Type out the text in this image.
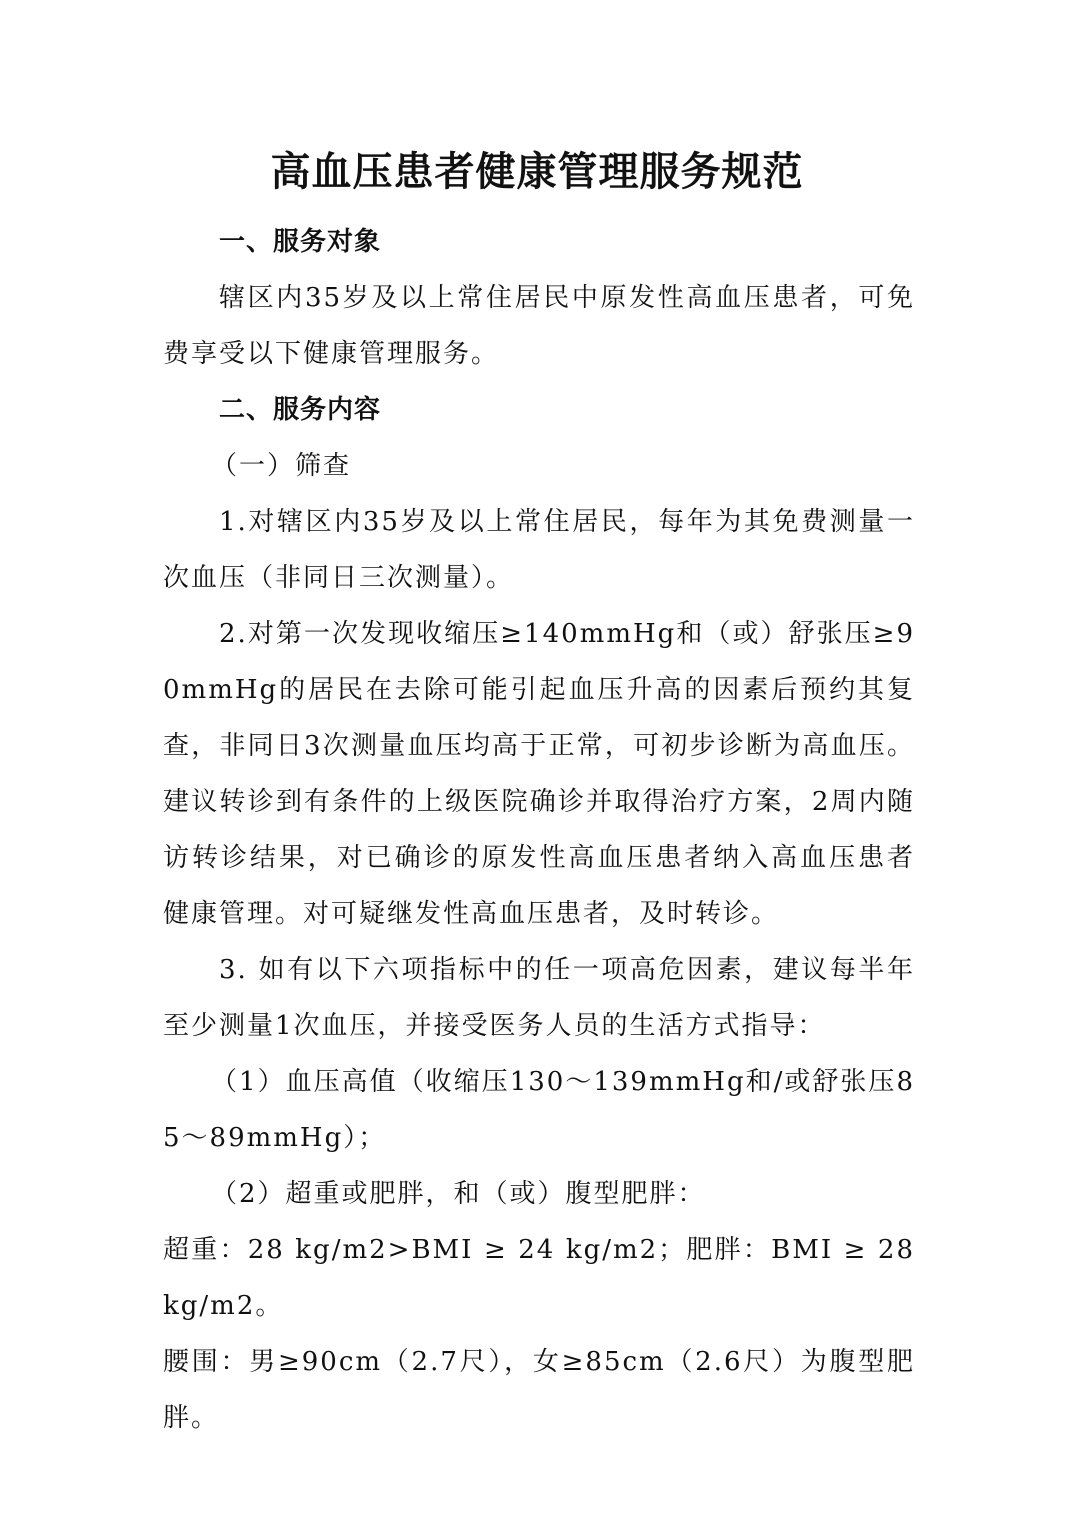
高血压患者健康管理服务规范

一、服务对象

辖区内35岁及以上常住居民中原发性高血压患者，可免费享受以下健康管理服务。

二、服务内容

（一）筛查

1.对辖区内35岁及以上常住居民，每年为其免费测量一次血压（非同日三次测量）。

2.对第一次发现收缩压≥140mmHg和（或）舒张压≥90mmHg的居民在去除可能引起血压升高的因素后预约其复查，非同日3次测量血压均高于正常，可初步诊断为高血压。建议转诊到有条件的上级医院确诊并取得治疗方案，2周内随访转诊结果，对已确诊的原发性高血压患者纳入高血压患者健康管理。对可疑继发性高血压患者，及时转诊。

3. 如有以下六项指标中的任一项高危因素，建议每半年至少测量1次血压，并接受医务人员的生活方式指导：

（1）血压高值（收缩压130～139mmHg和/或舒张压85～89mmHg）；

（2）超重或肥胖，和（或）腹型肥胖：

超重：28 kg/m2>BMI ≥ 24 kg/m2；肥胖：BMI ≥ 28 kg/m2。

腰围：男≥90cm（2.7尺），女≥85cm（2.6尺）为腹型肥胖。
